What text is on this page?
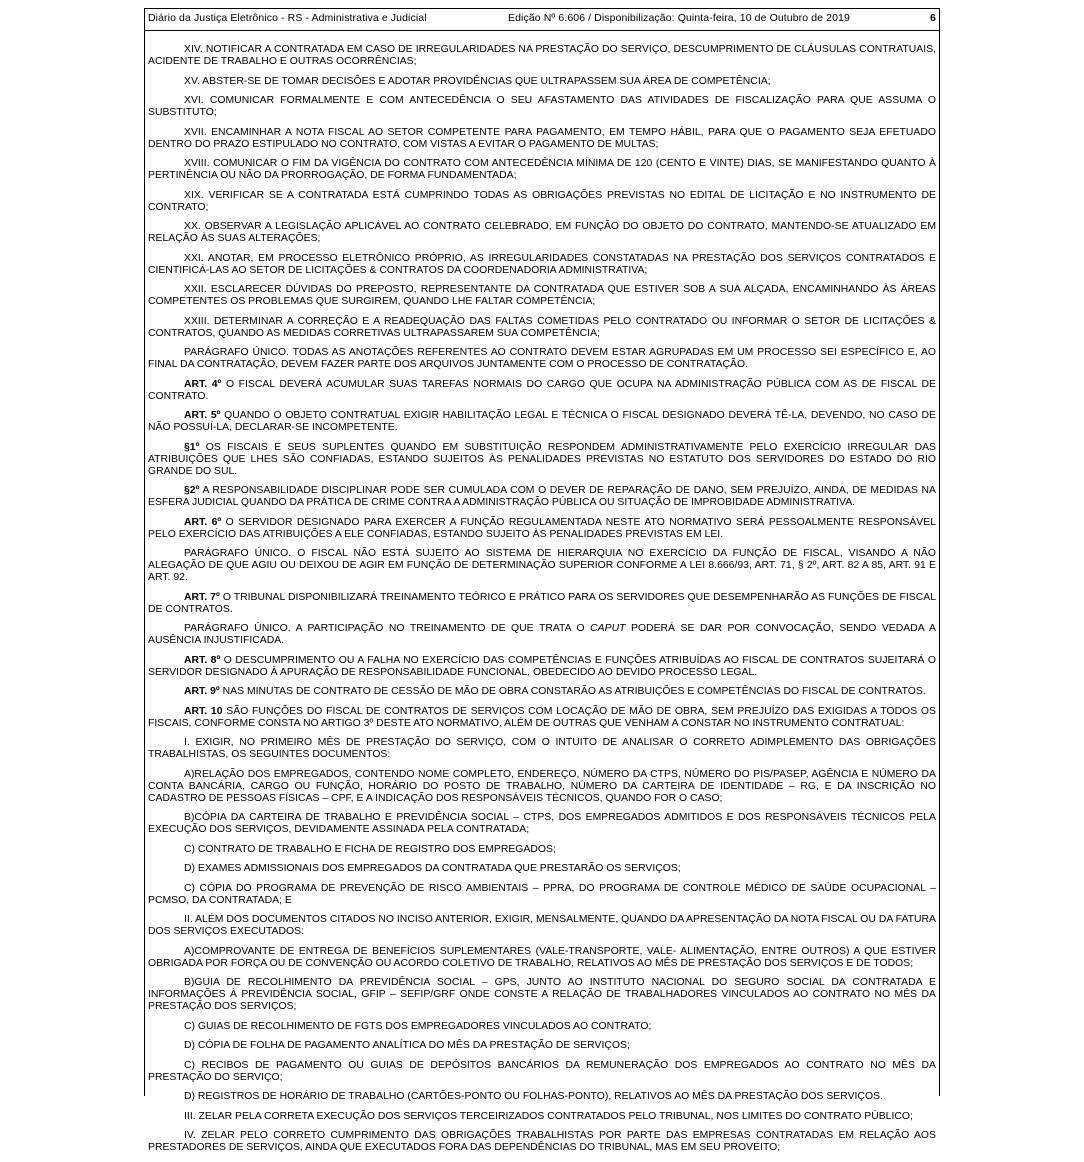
Diário da Justiça Eletrônico - RS - Administrativa e Judicial	Edição Nº 6.606 / Disponibilização: Quinta-feira, 10 de Outubro de 2019	6
XIV. NOTIFICAR A CONTRATADA EM CASO DE IRREGULARIDADES NA PRESTAÇÃO DO SERVIÇO, DESCUMPRIMENTO DE CLÁUSULAS CONTRATUAIS, ACIDENTE DE TRABALHO E OUTRAS OCORRÊNCIAS;
XV. ABSTER-SE DE TOMAR DECISÕES E ADOTAR PROVIDÊNCIAS QUE ULTRAPASSEM SUA ÁREA DE COMPETÊNCIA;
XVI. COMUNICAR FORMALMENTE E COM ANTECEDÊNCIA O SEU AFASTAMENTO DAS ATIVIDADES DE FISCALIZAÇÃO PARA QUE ASSUMA O SUBSTITUTO;
XVII. ENCAMINHAR A NOTA FISCAL AO SETOR COMPETENTE PARA PAGAMENTO, EM TEMPO HÁBIL, PARA QUE O PAGAMENTO SEJA EFETUADO DENTRO DO PRAZO ESTIPULADO NO CONTRATO, COM VISTAS A EVITAR O PAGAMENTO DE MULTAS;
XVIII. COMUNICAR O FIM DA VIGÊNCIA DO CONTRATO COM ANTECEDÊNCIA MÍNIMA DE 120 (CENTO E VINTE) DIAS, SE MANIFESTANDO QUANTO À PERTINÊNCIA OU NÃO DA PRORROGAÇÃO, DE FORMA FUNDAMENTADA;
XIX. VERIFICAR SE A CONTRATADA ESTÁ CUMPRINDO TODAS AS OBRIGAÇÕES PREVISTAS NO EDITAL DE LICITAÇÃO E NO INSTRUMENTO DE CONTRATO;
XX. OBSERVAR A LEGISLAÇÃO APLICÁVEL AO CONTRATO CELEBRADO, EM FUNÇÃO DO OBJETO DO CONTRATO, MANTENDO-SE ATUALIZADO EM RELAÇÃO ÀS SUAS ALTERAÇÕES;
XXI. ANOTAR, EM PROCESSO ELETRÔNICO PRÓPRIO, AS IRREGULARIDADES CONSTATADAS NA PRESTAÇÃO DOS SERVIÇOS CONTRATADOS E CIENTIFICÁ-LAS AO SETOR DE LICITAÇÕES & CONTRATOS DA COORDENADORIA ADMINISTRATIVA;
XXII. ESCLARECER DÚVIDAS DO PREPOSTO, REPRESENTANTE DA CONTRATADA QUE ESTIVER SOB A SUA ALÇADA, ENCAMINHANDO ÀS ÁREAS COMPETENTES OS PROBLEMAS QUE SURGIREM, QUANDO LHE FALTAR COMPETÊNCIA;
XXIII. DETERMINAR A CORREÇÃO E A READEQUAÇÃO DAS FALTAS COMETIDAS PELO CONTRATADO OU INFORMAR O SETOR DE LICITAÇÕES & CONTRATOS, QUANDO AS MEDIDAS CORRETIVAS ULTRAPASSAREM SUA COMPETÊNCIA;
PARÁGRAFO ÚNICO. TODAS AS ANOTAÇÕES REFERENTES AO CONTRATO DEVEM ESTAR AGRUPADAS EM UM PROCESSO SEI ESPECÍFICO E, AO FINAL DA CONTRATAÇÃO, DEVEM FAZER PARTE DOS ARQUIVOS JUNTAMENTE COM O PROCESSO DE CONTRATAÇÃO.
ART. 4º O FISCAL DEVERÁ ACUMULAR SUAS TAREFAS NORMAIS DO CARGO QUE OCUPA NA ADMINISTRAÇÃO PÚBLICA COM AS DE FISCAL DE CONTRATO.
ART. 5º QUANDO O OBJETO CONTRATUAL EXIGIR HABILITAÇÃO LEGAL E TÉCNICA O FISCAL DESIGNADO DEVERÁ TÊ-LA, DEVENDO, NO CASO DE NÃO POSSUÍ-LA, DECLARAR-SE INCOMPETENTE.
§1º OS FISCAIS E SEUS SUPLENTES QUANDO EM SUBSTITUIÇÃO RESPONDEM ADMINISTRATIVAMENTE PELO EXERCÍCIO IRREGULAR DAS ATRIBUIÇÕES QUE LHES SÃO CONFIADAS, ESTANDO SUJEITOS ÀS PENALIDADES PREVISTAS NO ESTATUTO DOS SERVIDORES DO ESTADO DO RIO GRANDE DO SUL.
§2º A RESPONSABILIDADE DISCIPLINAR PODE SER CUMULADA COM O DEVER DE REPARAÇÃO DE DANO, SEM PREJUÍZO, AINDA, DE MEDIDAS NA ESFERA JUDICIAL QUANDO DA PRÁTICA DE CRIME CONTRA A ADMINISTRAÇÃO PÚBLICA OU SITUAÇÃO DE IMPROBIDADE ADMINISTRATIVA.
ART. 6º O SERVIDOR DESIGNADO PARA EXERCER A FUNÇÃO REGULAMENTADA NESTE ATO NORMATIVO SERÁ PESSOALMENTE RESPONSÁVEL PELO EXERCÍCIO DAS ATRIBUIÇÕES A ELE CONFIADAS, ESTANDO SUJEITO ÀS PENALIDADES PREVISTAS EM LEI.
PARÁGRAFO ÚNICO. O FISCAL NÃO ESTÁ SUJEITO AO SISTEMA DE HIERARQUIA NO EXERCÍCIO DA FUNÇÃO DE FISCAL, VISANDO A NÃO ALEGAÇÃO DE QUE AGIU OU DEIXOU DE AGIR EM FUNÇÃO DE DETERMINAÇÃO SUPERIOR CONFORME A LEI 8.666/93, ART. 71, § 2º, ART. 82 A 85, ART. 91 E ART. 92.
ART. 7º O TRIBUNAL DISPONIBILIZARÁ TREINAMENTO TEÓRICO E PRÁTICO PARA OS SERVIDORES QUE DESEMPENHARÃO AS FUNÇÕES DE FISCAL DE CONTRATOS.
PARÁGRAFO ÚNICO. A PARTICIPAÇÃO NO TREINAMENTO DE QUE TRATA O CAPUT PODERÁ SE DAR POR CONVOCAÇÃO, SENDO VEDADA A AUSÊNCIA INJUSTIFICADA.
ART. 8º O DESCUMPRIMENTO OU A FALHA NO EXERCÍCIO DAS COMPETÊNCIAS E FUNÇÕES ATRIBUÍDAS AO FISCAL DE CONTRATOS SUJEITARÁ O SERVIDOR DESIGNADO À APURAÇÃO DE RESPONSABILIDADE FUNCIONAL, OBEDECIDO AO DEVIDO PROCESSO LEGAL.
ART. 9º NAS MINUTAS DE CONTRATO DE CESSÃO DE MÃO DE OBRA CONSTARÃO AS ATRIBUIÇÕES E COMPETÊNCIAS DO FISCAL DE CONTRATOS.
ART. 10 SÃO FUNÇÕES DO FISCAL DE CONTRATOS DE SERVIÇOS COM LOCAÇÃO DE MÃO DE OBRA, SEM PREJUÍZO DAS EXIGIDAS A TODOS OS FISCAIS, CONFORME CONSTA NO ARTIGO 3º DESTE ATO NORMATIVO, ALÉM DE OUTRAS QUE VENHAM A CONSTAR NO INSTRUMENTO CONTRATUAL:
I. EXIGIR, NO PRIMEIRO MÊS DE PRESTAÇÃO DO SERVIÇO, COM O INTUITO DE ANALISAR O CORRETO ADIMPLEMENTO DAS OBRIGAÇÕES TRABALHISTAS, OS SEGUINTES DOCUMENTOS:
A)RELAÇÃO DOS EMPREGADOS, CONTENDO NOME COMPLETO, ENDEREÇO, NÚMERO DA CTPS, NÚMERO DO PIS/PASEP, AGÊNCIA E NÚMERO DA CONTA BANCÁRIA, CARGO OU FUNÇÃO, HORÁRIO DO POSTO DE TRABALHO, NÚMERO DA CARTEIRA DE IDENTIDADE – RG, E DA INSCRIÇÃO NO CADASTRO DE PESSOAS FÍSICAS – CPF, E A INDICAÇÃO DOS RESPONSÁVEIS TÉCNICOS, QUANDO FOR O CASO;
B)CÓPIA DA CARTEIRA DE TRABALHO E PREVIDÊNCIA SOCIAL – CTPS, DOS EMPREGADOS ADMITIDOS E DOS RESPONSÁVEIS TÉCNICOS PELA EXECUÇÃO DOS SERVIÇOS, DEVIDAMENTE ASSINADA PELA CONTRATADA;
C) CONTRATO DE TRABALHO E FICHA DE REGISTRO DOS EMPREGADOS;
D) EXAMES ADMISSIONAIS DOS EMPREGADOS DA CONTRATADA QUE PRESTARÃO OS SERVIÇOS;
C) CÓPIA DO PROGRAMA DE PREVENÇÃO DE RISCO AMBIENTAIS – PPRA, DO PROGRAMA DE CONTROLE MÉDICO DE SAÚDE OCUPACIONAL – PCMSO, DA CONTRATADA; E
II. ALÉM DOS DOCUMENTOS CITADOS NO INCISO ANTERIOR, EXIGIR, MENSALMENTE, QUANDO DA APRESENTAÇÃO DA NOTA FISCAL OU DA FATURA DOS SERVIÇOS EXECUTADOS:
A)COMPROVANTE DE ENTREGA DE BENEFÍCIOS SUPLEMENTARES (VALE-TRANSPORTE, VALE- ALIMENTAÇÃO, ENTRE OUTROS) A QUE ESTIVER OBRIGADA POR FORÇA OU DE CONVENÇÃO OU ACORDO COLETIVO DE TRABALHO, RELATIVOS AO MÊS DE PRESTAÇÃO DOS SERVIÇOS E DE TODOS;
B)GUIA DE RECOLHIMENTO DA PREVIDÊNCIA SOCIAL – GPS, JUNTO AO INSTITUTO NACIONAL DO SEGURO SOCIAL DA CONTRATADA E INFORMAÇÕES À PREVIDÊNCIA SOCIAL, GFIP – SEFIP/GRF ONDE CONSTE A RELAÇÃO DE TRABALHADORES VINCULADOS AO CONTRATO NO MÊS DA PRESTAÇÃO DOS SERVIÇOS;
C) GUIAS DE RECOLHIMENTO DE FGTS DOS EMPREGADORES VINCULADOS AO CONTRATO;
D) CÓPIA DE FOLHA DE PAGAMENTO ANALÍTICA DO MÊS DA PRESTAÇÃO DE SERVIÇOS;
C) RECIBOS DE PAGAMENTO OU GUIAS DE DEPÓSITOS BANCÁRIOS DA REMUNERAÇÃO DOS EMPREGADOS AO CONTRATO NO MÊS DA PRESTAÇÃO DO SERVIÇO;
D) REGISTROS DE HORÁRIO DE TRABALHO (CARTÕES-PONTO OU FOLHAS-PONTO), RELATIVOS AO MÊS DA PRESTAÇÃO DOS SERVIÇOS.
III. ZELAR PELA CORRETA EXECUÇÃO DOS SERVIÇOS TERCEIRIZADOS CONTRATADOS PELO TRIBUNAL, NOS LIMITES DO CONTRATO PÚBLICO;
IV. ZELAR PELO CORRETO CUMPRIMENTO DAS OBRIGAÇÕES TRABALHISTAS POR PARTE DAS EMPRESAS CONTRATADAS EM RELAÇÃO AOS PRESTADORES DE SERVIÇOS, AINDA QUE EXECUTADOS FORA DAS DEPENDÊNCIAS DO TRIBUNAL, MAS EM SEU PROVEITO;
